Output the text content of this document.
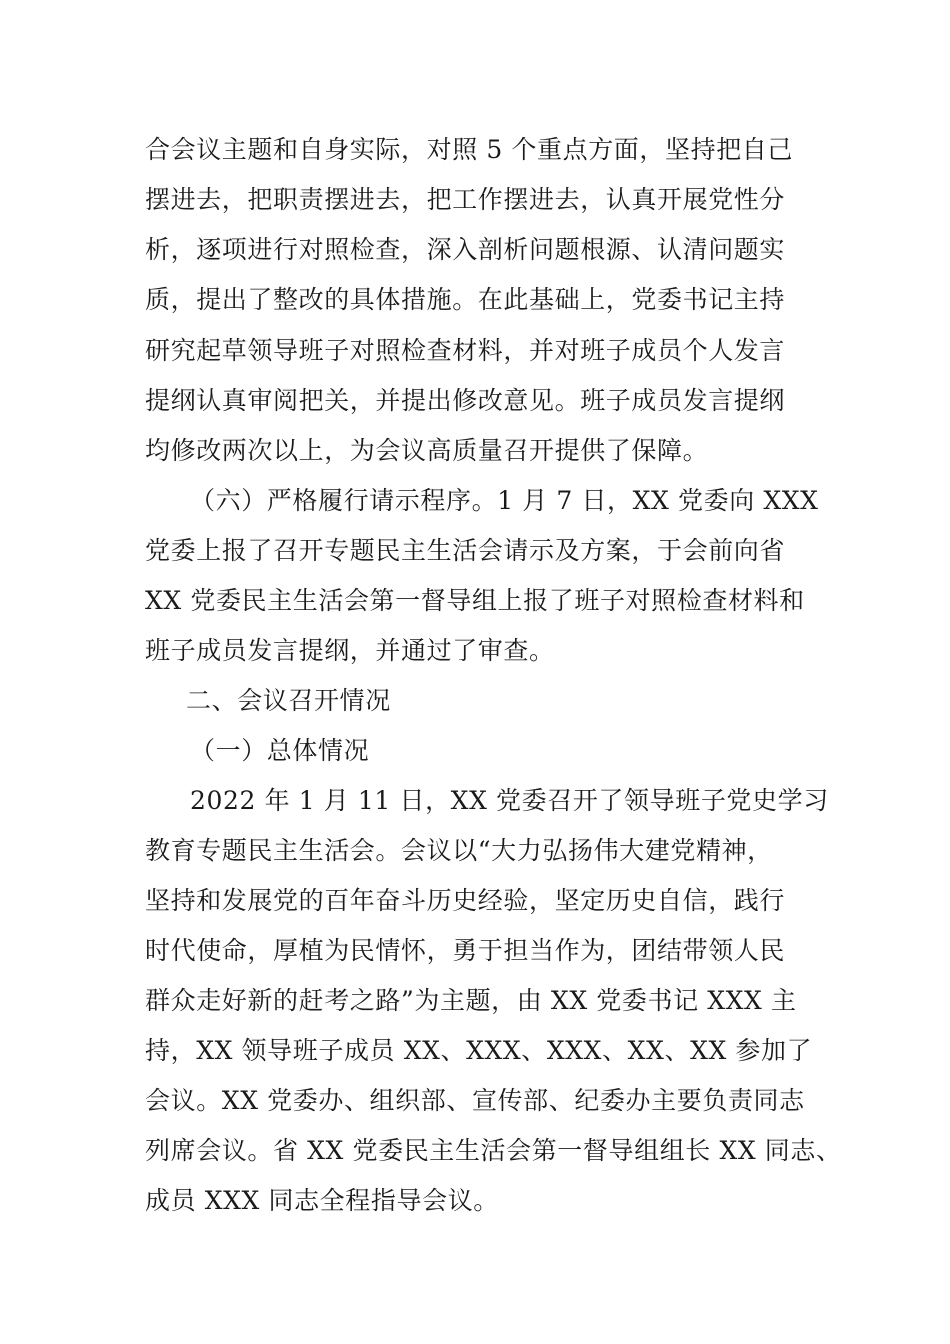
合会议主题和自身实际，对照 5 个重点方面，坚持把自己
摆进去，把职责摆进去，把工作摆进去，认真开展党性分
析，逐项进行对照检查，深入剖析问题根源、认清问题实
质，提出了整改的具体措施。在此基础上，党委书记主持
研究起草领导班子对照检查材料，并对班子成员个人发言
提纲认真审阅把关，并提出修改意见。班子成员发言提纲
均修改两次以上，为会议高质量召开提供了保障。
（六）严格履行请示程序。1 月 7 日，XX 党委向 XXX
党委上报了召开专题民主生活会请示及方案，于会前向省
XX 党委民主生活会第一督导组上报了班子对照检查材料和
班子成员发言提纲，并通过了审查。
二、会议召开情况
（一）总体情况
2022 年 1 月 11 日，XX 党委召开了领导班子党史学习
教育专题民主生活会。会议以“大力弘扬伟大建党精神，
坚持和发展党的百年奋斗历史经验，坚定历史自信，践行
时代使命，厚植为民情怀，勇于担当作为，团结带领人民
群众走好新的赶考之路”为主题，由 XX 党委书记 XXX 主
持，XX 领导班子成员 XX、XXX、XXX、XX、XX 参加了
会议。XX 党委办、组织部、宣传部、纪委办主要负责同志
列席会议。省 XX 党委民主生活会第一督导组组长 XX 同志、
成员 XXX 同志全程指导会议。
